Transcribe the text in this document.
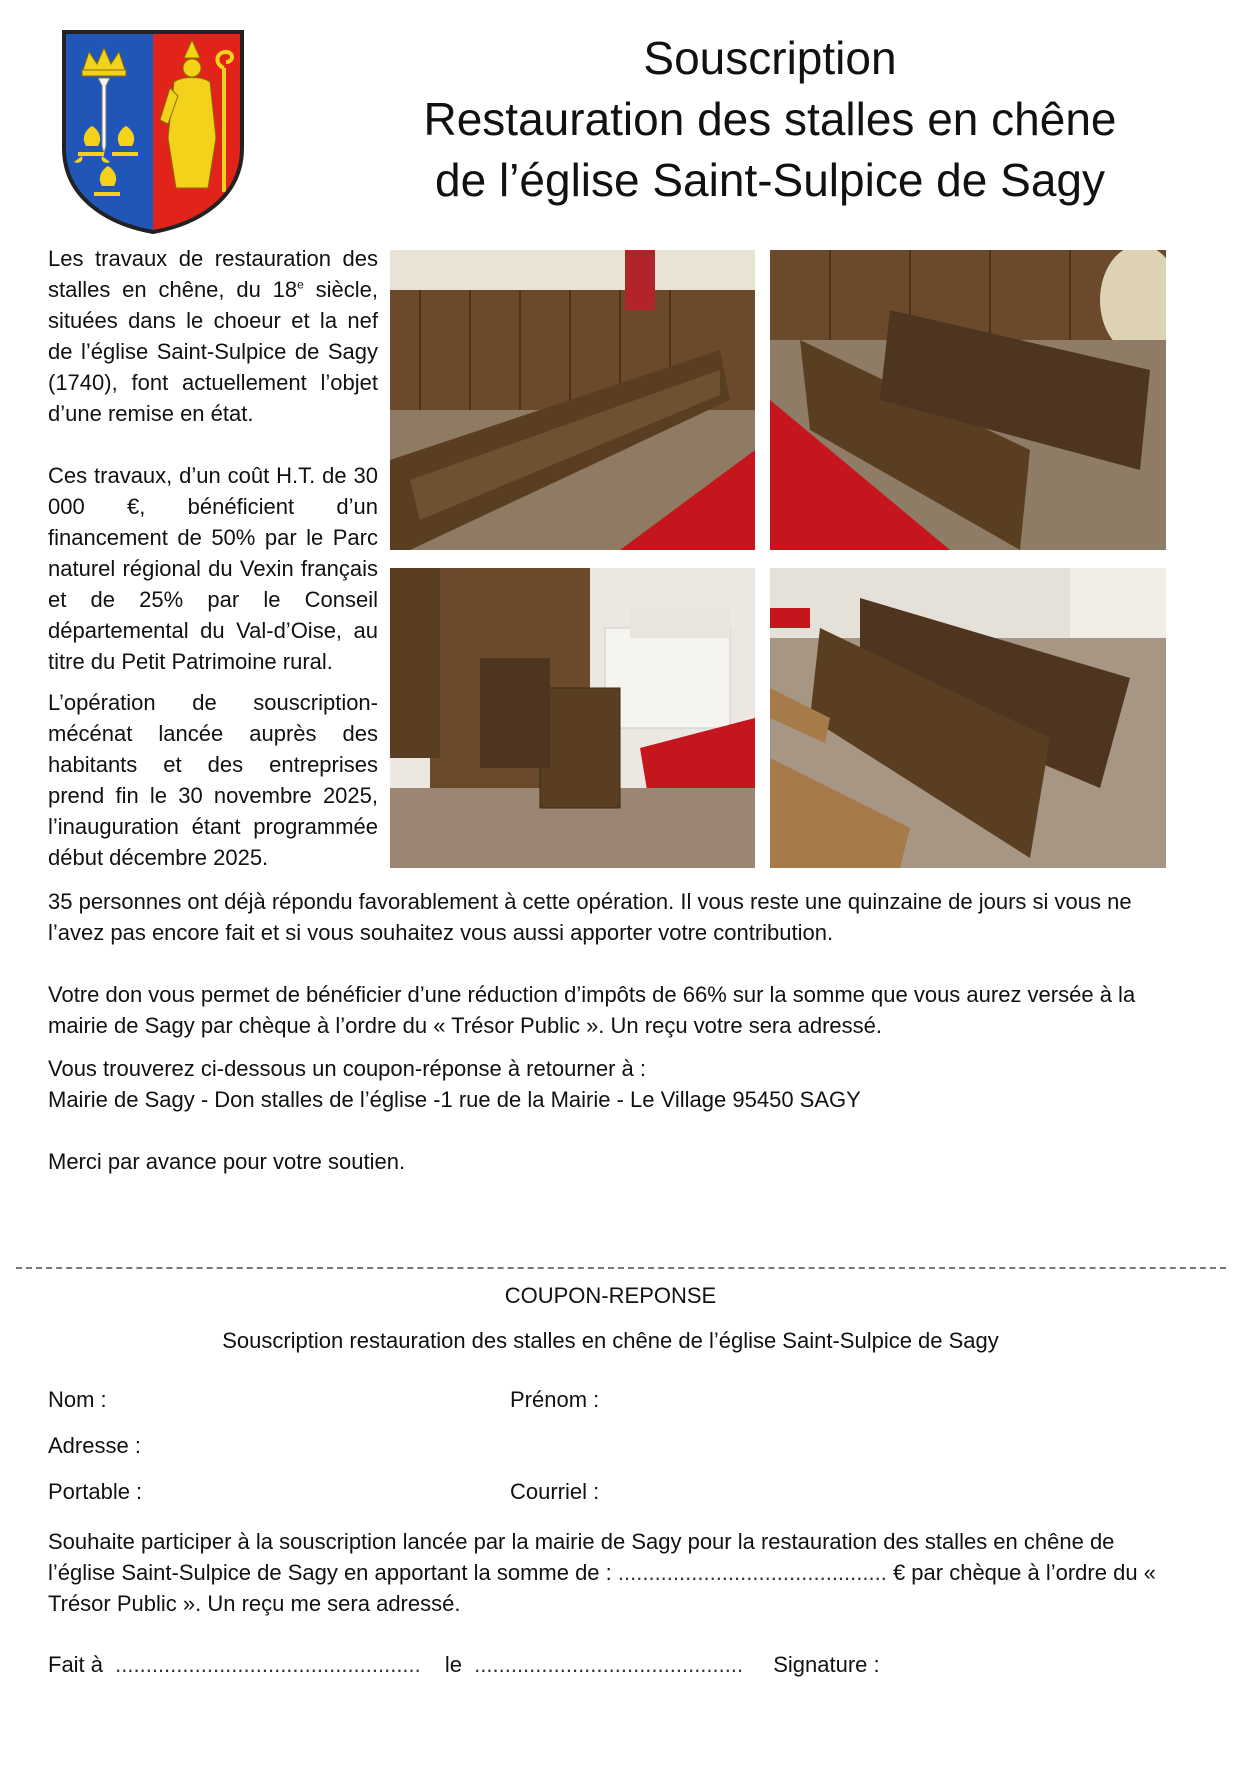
Souscription
Restauration des stalles en chêne
de l’église Saint-Sulpice de Sagy

Les travaux de restauration des stalles en chêne, du 18e siècle, situées dans le choeur et la nef de l’église Saint-Sulpice de Sagy (1740), font actuellement l’objet d’une remise en état.

Ces travaux, d’un coût H.T. de 30 000 €, bénéficient d’un financement de 50% par le Parc naturel régional du Vexin français et de 25% par le Conseil départemental du Val-d’Oise, au titre du Petit Patrimoine rural.

L’opération de souscription-mécénat lancée auprès des habitants et des entreprises prend fin le 30 novembre 2025, l’inauguration étant programmée début décembre 2025.

35 personnes ont déjà répondu favorablement à cette opération. Il vous reste une quinzaine de jours si vous ne l’avez pas encore fait et si vous souhaitez vous aussi apporter votre contribution.

Votre don vous permet de bénéficier d’une réduction d’impôts de 66% sur la somme que vous aurez versée à la mairie de Sagy par chèque à l’ordre du « Trésor Public ». Un reçu votre sera adressé.

Vous trouverez ci-dessous un coupon-réponse à retourner à :

Mairie de Sagy - Don stalles de l’église -1 rue de la Mairie - Le Village 95450 SAGY

Merci par avance pour votre soutien.

COUPON-REPONSE

Souscription restauration des stalles en chêne de l’église Saint-Sulpice de Sagy

Nom :	Prénom :
Adresse :
Portable :	Courriel :

Souhaite participer à la souscription lancée par la mairie de Sagy pour la restauration des stalles en chêne de l’église Saint-Sulpice de Sagy en apportant la somme de : ............................................ € par chèque à l’ordre du « Trésor Public ». Un reçu me sera adressé.

Fait à .................................................. le ............................................ Signature :
